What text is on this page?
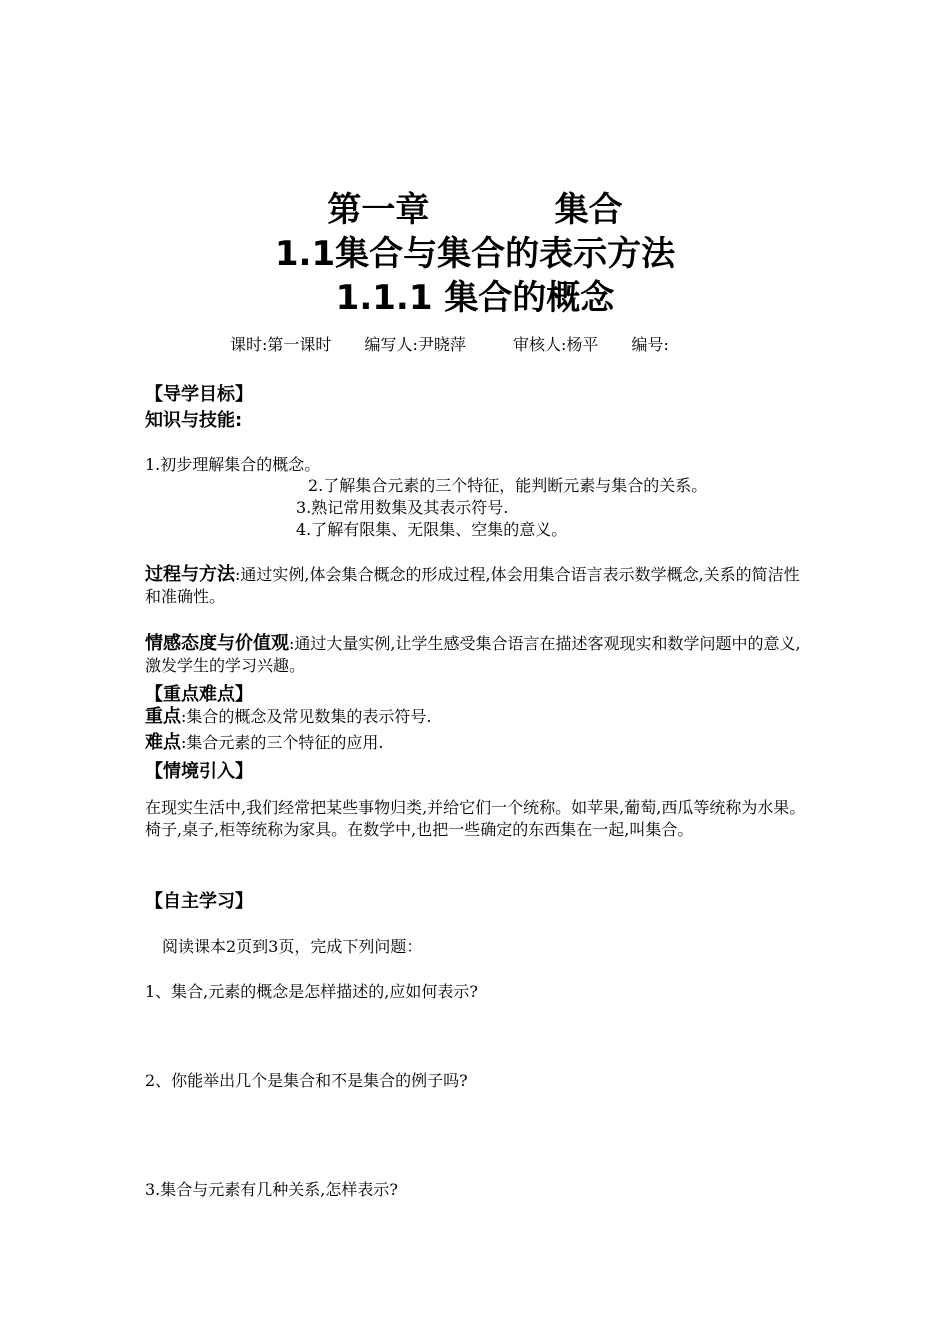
第一章	集合
1.1集合与集合的表示方法
1.1.1 集合的概念
课时:第一课时 编写人:尹晓萍	审核人:杨平 编号:
【导学目标】
知识与技能:
1.初步理解集合的概念。
2.了解集合元素的三个特征，能判断元素与集合的关系。
3.熟记常用数集及其表示符号.
4.了解有限集、无限集、空集的意义。
过程与方法:通过实例,体会集合概念的形成过程,体会用集合语言表示数学概念,关系的简洁性和准确性。
情感态度与价值观:通过大量实例,让学生感受集合语言在描述客观现实和数学问题中的意义,激发学生的学习兴趣。
【重点难点】
重点:集合的概念及常见数集的表示符号.
难点:集合元素的三个特征的应用.
【情境引入】
在现实生活中,我们经常把某些事物归类,并给它们一个统称。如苹果,葡萄,西瓜等统称为水果。椅子,桌子,柜等统称为家具。在数学中,也把一些确定的东西集在一起,叫集合。
【自主学习】
阅读课本2页到3页，完成下列问题：
1、集合,元素的概念是怎样描述的,应如何表示?
2、你能举出几个是集合和不是集合的例子吗?
3.集合与元素有几种关系,怎样表示?
